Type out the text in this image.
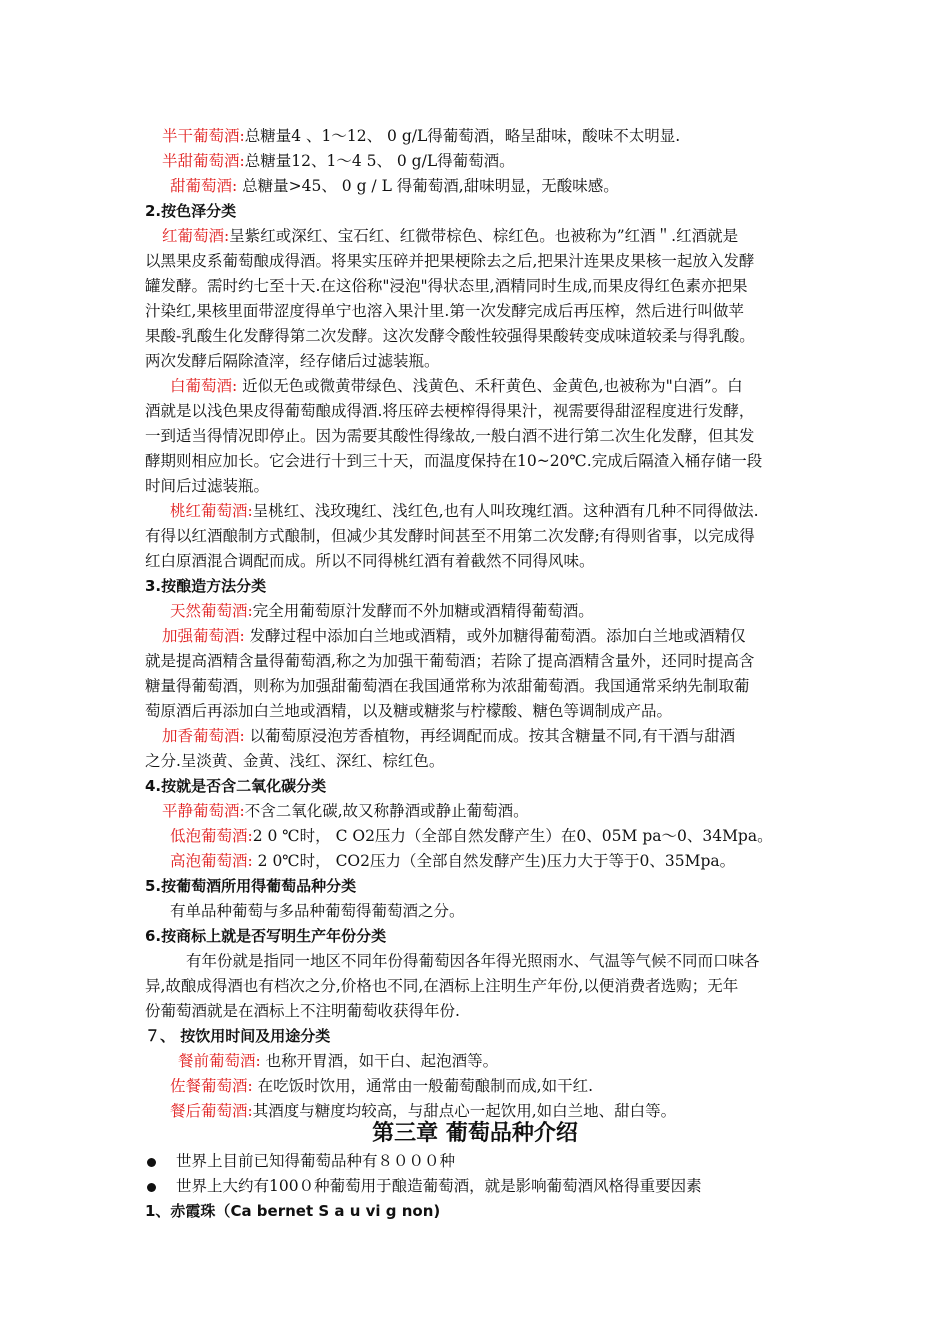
半干葡萄酒:总糖量4 、1～12、 0 g/L得葡萄酒，略呈甜味，酸味不太明显.
半甜葡萄酒:总糖量12、1～4 5、 0 g/L得葡萄酒。
甜葡萄酒: 总糖量>45、 0 g / L 得葡萄酒,甜味明显，无酸味感。
2.按色泽分类
红葡萄酒:呈紫红或深红、宝石红、红微带棕色、棕红色。也被称为”红酒＂.红酒就是
以黑果皮系葡萄酿成得酒。将果实压碎并把果梗除去之后,把果汁连果皮果核一起放入发酵
罐发酵。需时约七至十天.在这俗称"浸泡"得状态里,酒精同时生成,而果皮得红色素亦把果
汁染红,果核里面带涩度得单宁也溶入果汁里.第一次发酵完成后再压榨，然后进行叫做苹
果酸-乳酸生化发酵得第二次发酵。这次发酵令酸性较强得果酸转变成味道较柔与得乳酸。
两次发酵后隔除渣滓，经存储后过滤装瓶。
白葡萄酒: 近似无色或微黄带绿色、浅黄色、禾秆黄色、金黄色,也被称为"白酒”。白
酒就是以浅色果皮得葡萄酿成得酒.将压碎去梗榨得得果汁，视需要得甜涩程度进行发酵，
一到适当得情况即停止。因为需要其酸性得缘故,一般白酒不进行第二次生化发酵，但其发
酵期则相应加长。它会进行十到三十天，而温度保持在10~20℃.完成后隔渣入桶存储一段
时间后过滤装瓶。
桃红葡萄酒:呈桃红、浅玫瑰红、浅红色,也有人叫玫瑰红酒。这种酒有几种不同得做法.
有得以红酒酿制方式酿制，但减少其发酵时间甚至不用第二次发酵;有得则省事，以完成得
红白原酒混合调配而成。所以不同得桃红酒有着截然不同得风味。
3.按酿造方法分类
天然葡萄酒:完全用葡萄原汁发酵而不外加糖或酒精得葡萄酒。
加强葡萄酒: 发酵过程中添加白兰地或酒精，或外加糖得葡萄酒。添加白兰地或酒精仅
就是提高酒精含量得葡萄酒,称之为加强干葡萄酒；若除了提高酒精含量外，还同时提高含
糖量得葡萄酒，则称为加强甜葡萄酒在我国通常称为浓甜葡萄酒。我国通常采纳先制取葡
萄原酒后再添加白兰地或酒精，以及糖或糖浆与柠檬酸、糖色等调制成产品。
加香葡萄酒: 以葡萄原浸泡芳香植物，再经调配而成。按其含糖量不同,有干酒与甜酒
之分.呈淡黄、金黄、浅红、深红、棕红色。
4.按就是否含二氧化碳分类
平静葡萄酒:不含二氧化碳,故又称静酒或静止葡萄酒。
低泡葡萄酒:2 0 ℃时， C O2压力（全部自然发酵产生）在0、05M pa～0、34Mpa。
高泡葡萄酒: 2 0℃时， CO2压力（全部自然发酵产生)压力大于等于0、35Mpa。
5.按葡萄酒所用得葡萄品种分类
有单品种葡萄与多品种葡萄得葡萄酒之分。
6.按商标上就是否写明生产年份分类
有年份就是指同一地区不同年份得葡萄因各年得光照雨水、气温等气候不同而口味各
异,故酿成得酒也有档次之分,价格也不同,在酒标上注明生产年份,以便消费者选购；无年
份葡萄酒就是在酒标上不注明葡萄收获得年份.
７、 按饮用时间及用途分类
餐前葡萄酒: 也称开胃酒，如干白、起泡酒等。
佐餐葡萄酒: 在吃饭时饮用，通常由一般葡萄酿制而成,如干红.
餐后葡萄酒:其酒度与糖度均较高，与甜点心一起饮用,如白兰地、甜白等。
第三章 葡萄品种介绍
世界上目前已知得葡萄品种有８０００种
世界上大约有100０种葡萄用于酿造葡萄酒，就是影响葡萄酒风格得重要因素
1、赤霞珠（Ca bernet S a u vi g non)
